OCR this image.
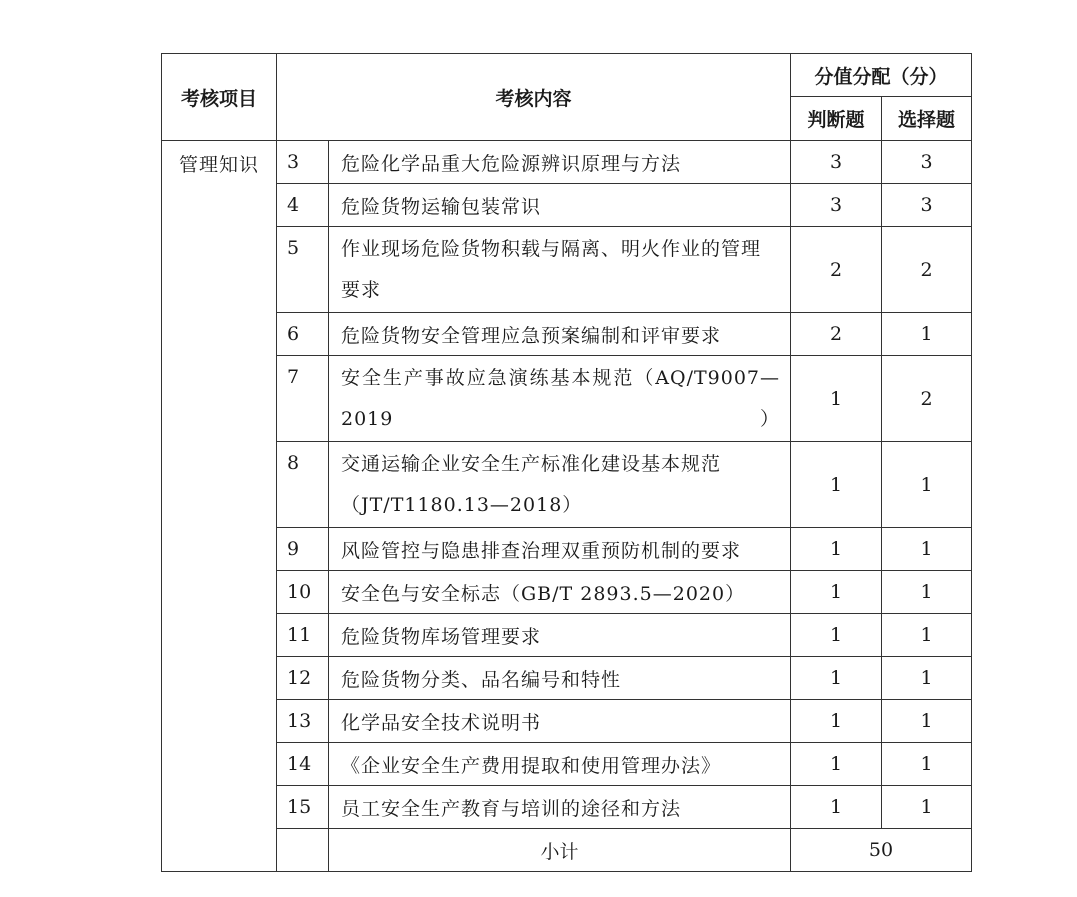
考核项目	考核内容		分值分配（分）	
			判断题	选择题
管理知识	3	危险化学品重大危险源辨识原理与方法	3	3
	4	危险货物运输包装常识	3	3
	5	作业现场危险货物积载与隔离、明火作业的管理要求	2	2
	6	危险货物安全管理应急预案编制和评审要求	2	1
	7	安全生产事故应急演练基本规范（AQ/T9007—2019）	1	2
	8	交通运输企业安全生产标准化建设基本规范（JT/T1180.13—2018）	1	1
	9	风险管控与隐患排查治理双重预防机制的要求	1	1
	10	安全色与安全标志（GB/T 2893.5—2020）	1	1
	11	危险货物库场管理要求	1	1
	12	危险货物分类、品名编号和特性	1	1
	13	化学品安全技术说明书	1	1
	14	《企业安全生产费用提取和使用管理办法》	1	1
	15	员工安全生产教育与培训的途径和方法	1	1
		小计	50	
